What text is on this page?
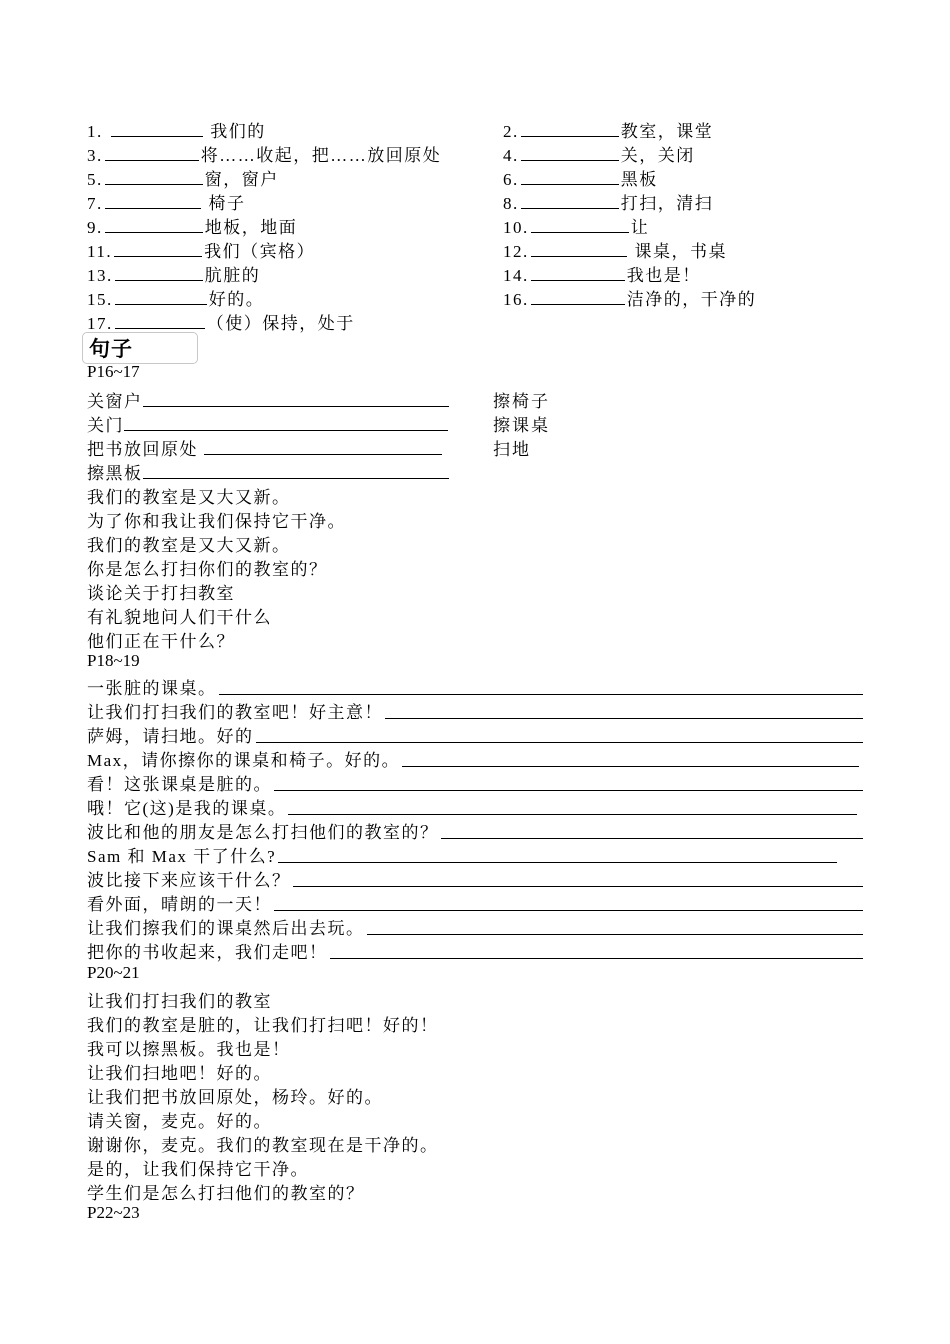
1.	我们的	2.	教室，课堂
3.	将……收起，把……放回原处	4.	关，关闭
5.	窗，窗户	6.	黑板
7.	椅子	8.	打扫，清扫
9.	地板，地面	10.	让
11.	我们（宾格）	12.	课桌，书桌
13.	肮脏的	14.	我也是！
15.	好的。	16.	洁净的，干净的
17.	（使）保持，处于
句子
P16~17
关窗户	擦椅子
关门	擦课桌
把书放回原处	扫地
擦黑板
我们的教室是又大又新。
为了你和我让我们保持它干净。
我们的教室是又大又新。
你是怎么打扫你们的教室的？
谈论关于打扫教室
有礼貌地问人们干什么
他们正在干什么？
P18~19
一张脏的课桌。
让我们打扫我们的教室吧！好主意！
萨姆，请扫地。好的
Max，请你擦你的课桌和椅子。好的。
看！这张课桌是脏的。
哦！它(这)是我的课桌。
波比和他的朋友是怎么打扫他们的教室的？
Sam 和 Max 干了什么?
波比接下来应该干什么？
看外面，晴朗的一天！
让我们擦我们的课桌然后出去玩。
把你的书收起来，我们走吧！
P20~21
让我们打扫我们的教室
我们的教室是脏的，让我们打扫吧！好的！
我可以擦黑板。我也是！
让我们扫地吧！好的。
让我们把书放回原处，杨玲。好的。
请关窗，麦克。好的。
谢谢你，麦克。我们的教室现在是干净的。
是的，让我们保持它干净。
学生们是怎么打扫他们的教室的？
P22~23
